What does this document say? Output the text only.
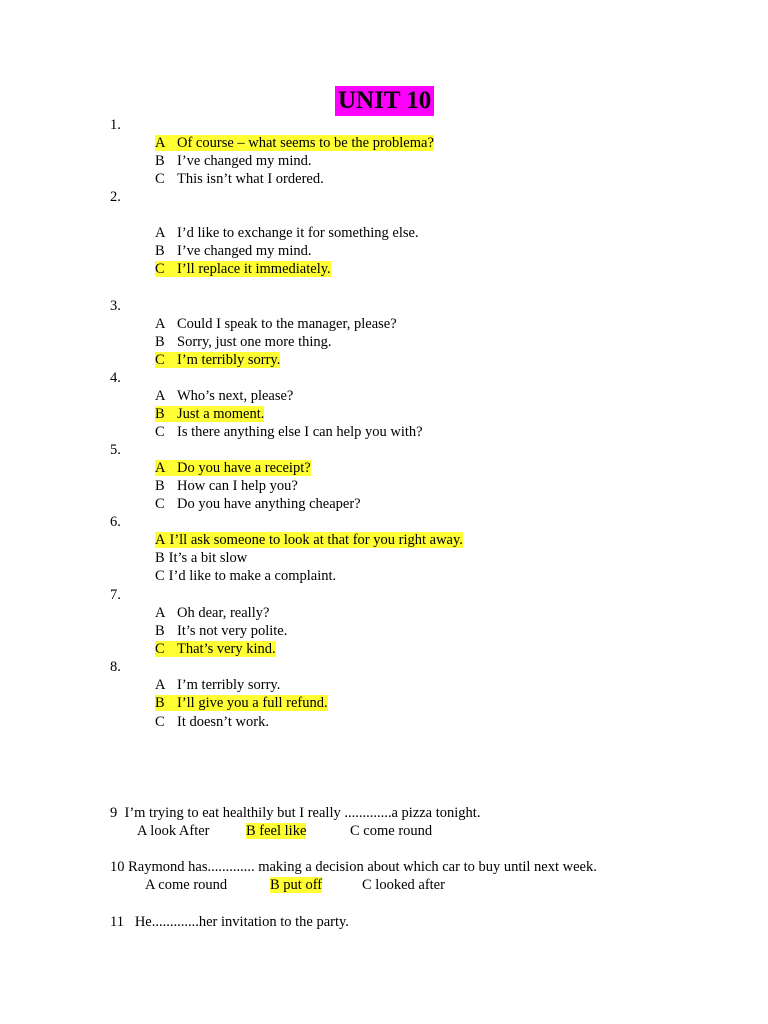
UNIT 10
1.
A Of course – what seems to be the problema?
B I’ve changed my mind.
C This isn’t what I ordered.
2.
A I’d like to exchange it for something else.
B I’ve changed my mind.
C I’ll replace it immediately.
3.
A Could I speak to the manager, please?
B Sorry, just one more thing.
C I’m terribly sorry.
4.
A Who’s next, please?
B Just a moment.
C Is there anything else I can help you with?
5.
A Do you have a receipt?
B How can I help you?
C Do you have anything cheaper?
6.
A I’ll ask someone to look at that for you right away.
B It’s a bit slow
C I’d like to make a complaint.
7.
A Oh dear, really?
B It’s not very polite.
C That’s very kind.
8.
A I’m terribly sorry.
B I’ll give you a full refund.
C It doesn’t work.
9  I’m trying to eat healthily but I really .............a pizza tonight.
A look After	B feel like	C come round
10 Raymond has............. making a decision about which car to buy until next week.
A come round	B put off	C looked after
11   He.............her invitation to the party.
